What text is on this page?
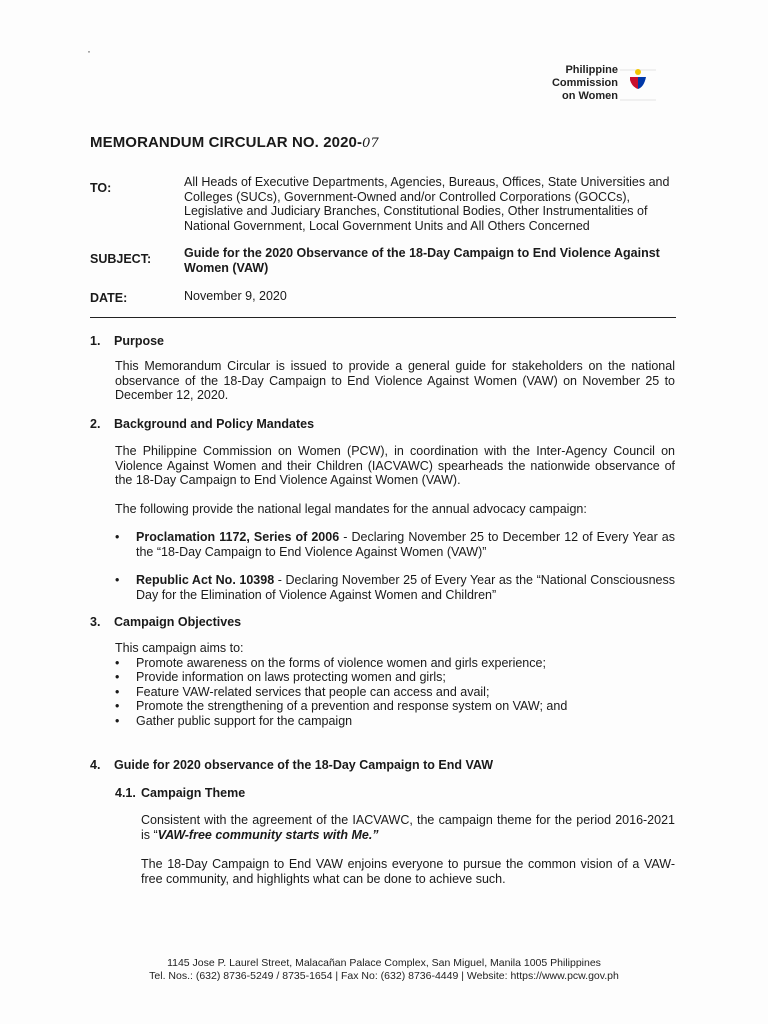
·
Philippine
Commission
on Women
MEMORANDUM CIRCULAR NO. 2020-07
TO:	All Heads of Executive Departments, Agencies, Bureaus, Offices, State Universities and Colleges (SUCs), Government-Owned and/or Controlled Corporations (GOCCs), Legislative and Judiciary Branches, Constitutional Bodies, Other Instrumentalities of National Government, Local Government Units and All Others Concerned
SUBJECT:	Guide for the 2020 Observance of the 18-Day Campaign to End Violence Against Women (VAW)
DATE:	November 9, 2020
1. Purpose
This Memorandum Circular is issued to provide a general guide for stakeholders on the national observance of the 18-Day Campaign to End Violence Against Women (VAW) on November 25 to December 12, 2020.
2. Background and Policy Mandates
The Philippine Commission on Women (PCW), in coordination with the Inter-Agency Council on Violence Against Women and their Children (IACVAWC) spearheads the nationwide observance of the 18-Day Campaign to End Violence Against Women (VAW).
The following provide the national legal mandates for the annual advocacy campaign:
•	Proclamation 1172, Series of 2006 - Declaring November 25 to December 12 of Every Year as the “18-Day Campaign to End Violence Against Women (VAW)”
•	Republic Act No. 10398 - Declaring November 25 of Every Year as the “National Consciousness Day for the Elimination of Violence Against Women and Children”
3. Campaign Objectives
This campaign aims to:
•	Promote awareness on the forms of violence women and girls experience;
•	Provide information on laws protecting women and girls;
•	Feature VAW-related services that people can access and avail;
•	Promote the strengthening of a prevention and response system on VAW; and
•	Gather public support for the campaign
4. Guide for 2020 observance of the 18-Day Campaign to End VAW
4.1. Campaign Theme
Consistent with the agreement of the IACVAWC, the campaign theme for the period 2016-2021 is “VAW-free community starts with Me.”
The 18-Day Campaign to End VAW enjoins everyone to pursue the common vision of a VAW-free community, and highlights what can be done to achieve such.
1145 Jose P. Laurel Street, Malacañan Palace Complex, San Miguel, Manila 1005 Philippines
Tel. Nos.: (632) 8736-5249 / 8735-1654 | Fax No: (632) 8736-4449 | Website: https://www.pcw.gov.ph
